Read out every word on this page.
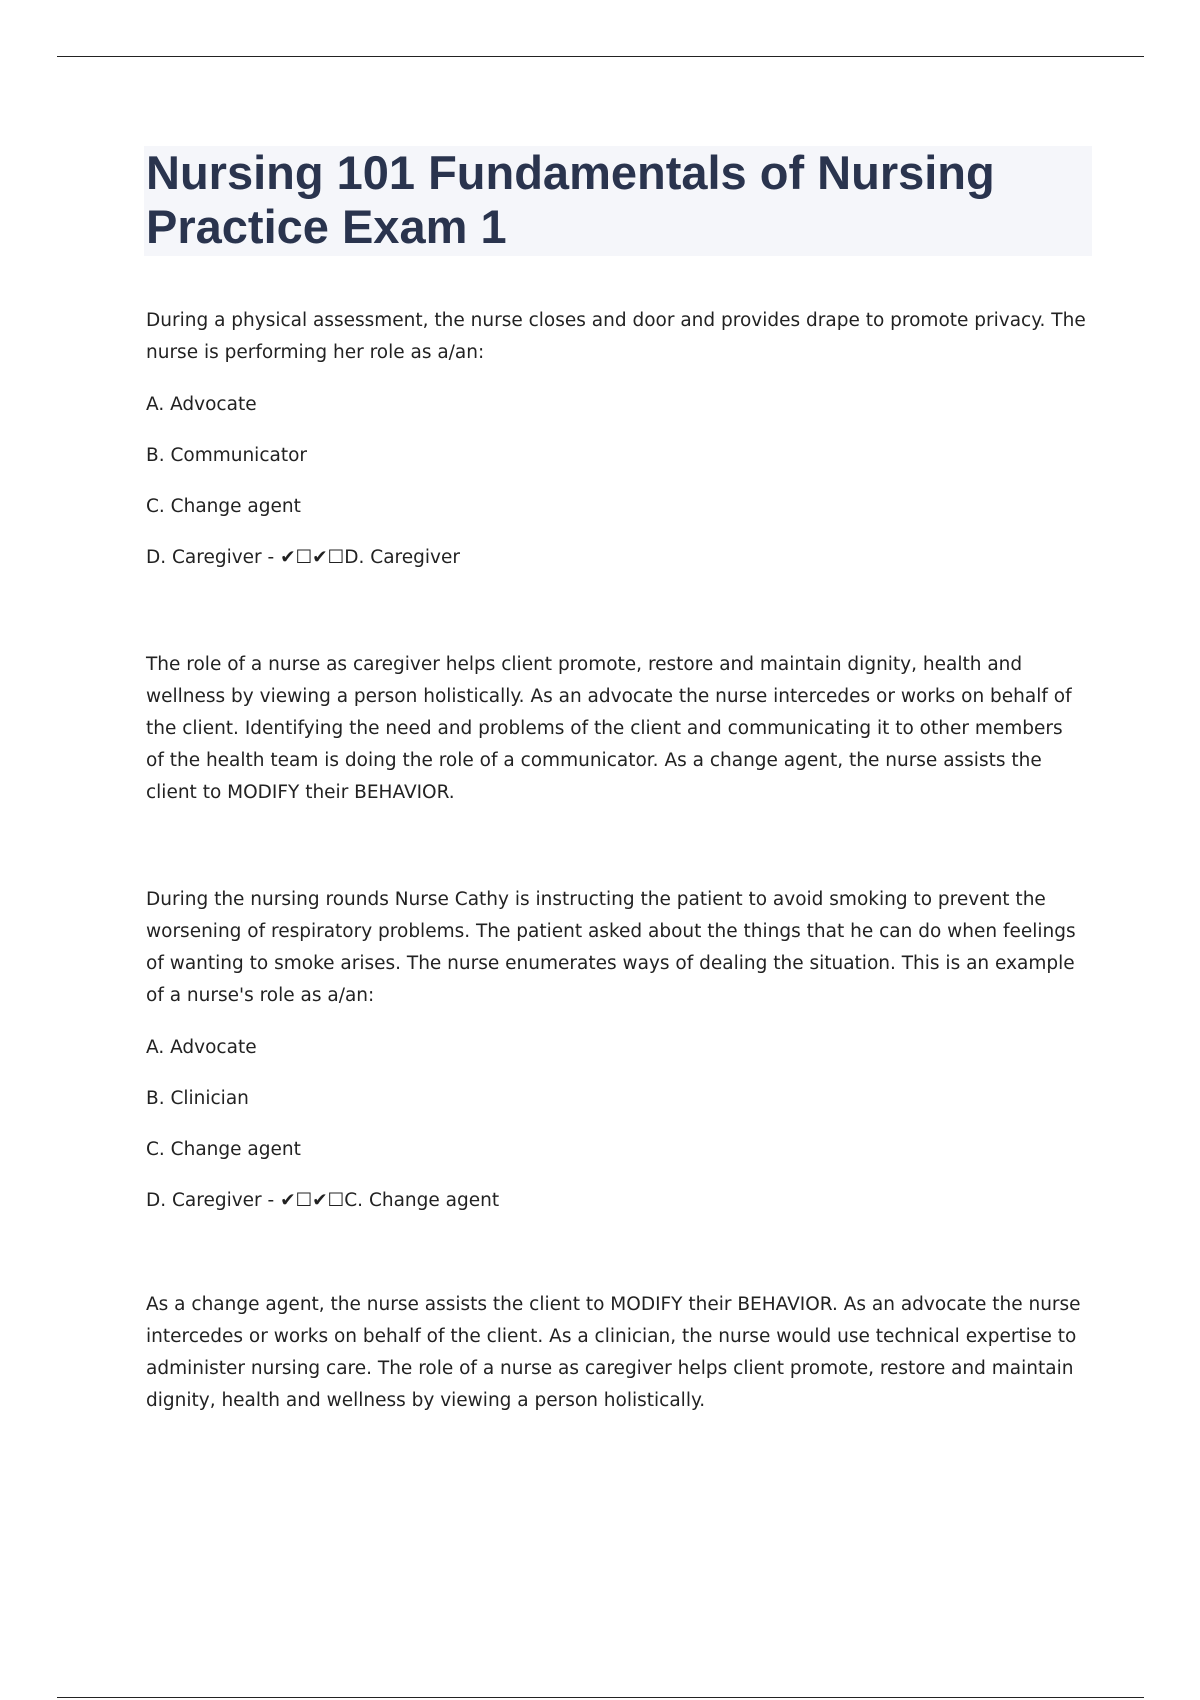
Nursing 101 Fundamentals of Nursing
Practice Exam 1

During a physical assessment, the nurse closes and door and provides drape to promote privacy. The nurse is performing her role as a/an:

A. Advocate

B. Communicator

C. Change agent

D. Caregiver - ✔☐✔☐D. Caregiver

The role of a nurse as caregiver helps client promote, restore and maintain dignity, health and wellness by viewing a person holistically. As an advocate the nurse intercedes or works on behalf of the client. Identifying the need and problems of the client and communicating it to other members of the health team is doing the role of a communicator. As a change agent, the nurse assists the client to MODIFY their BEHAVIOR.

During the nursing rounds Nurse Cathy is instructing the patient to avoid smoking to prevent the worsening of respiratory problems. The patient asked about the things that he can do when feelings of wanting to smoke arises. The nurse enumerates ways of dealing the situation. This is an example of a nurse's role as a/an:

A. Advocate

B. Clinician

C. Change agent

D. Caregiver - ✔☐✔☐C. Change agent

As a change agent, the nurse assists the client to MODIFY their BEHAVIOR. As an advocate the nurse intercedes or works on behalf of the client. As a clinician, the nurse would use technical expertise to administer nursing care. The role of a nurse as caregiver helps client promote, restore and maintain dignity, health and wellness by viewing a person holistically.
